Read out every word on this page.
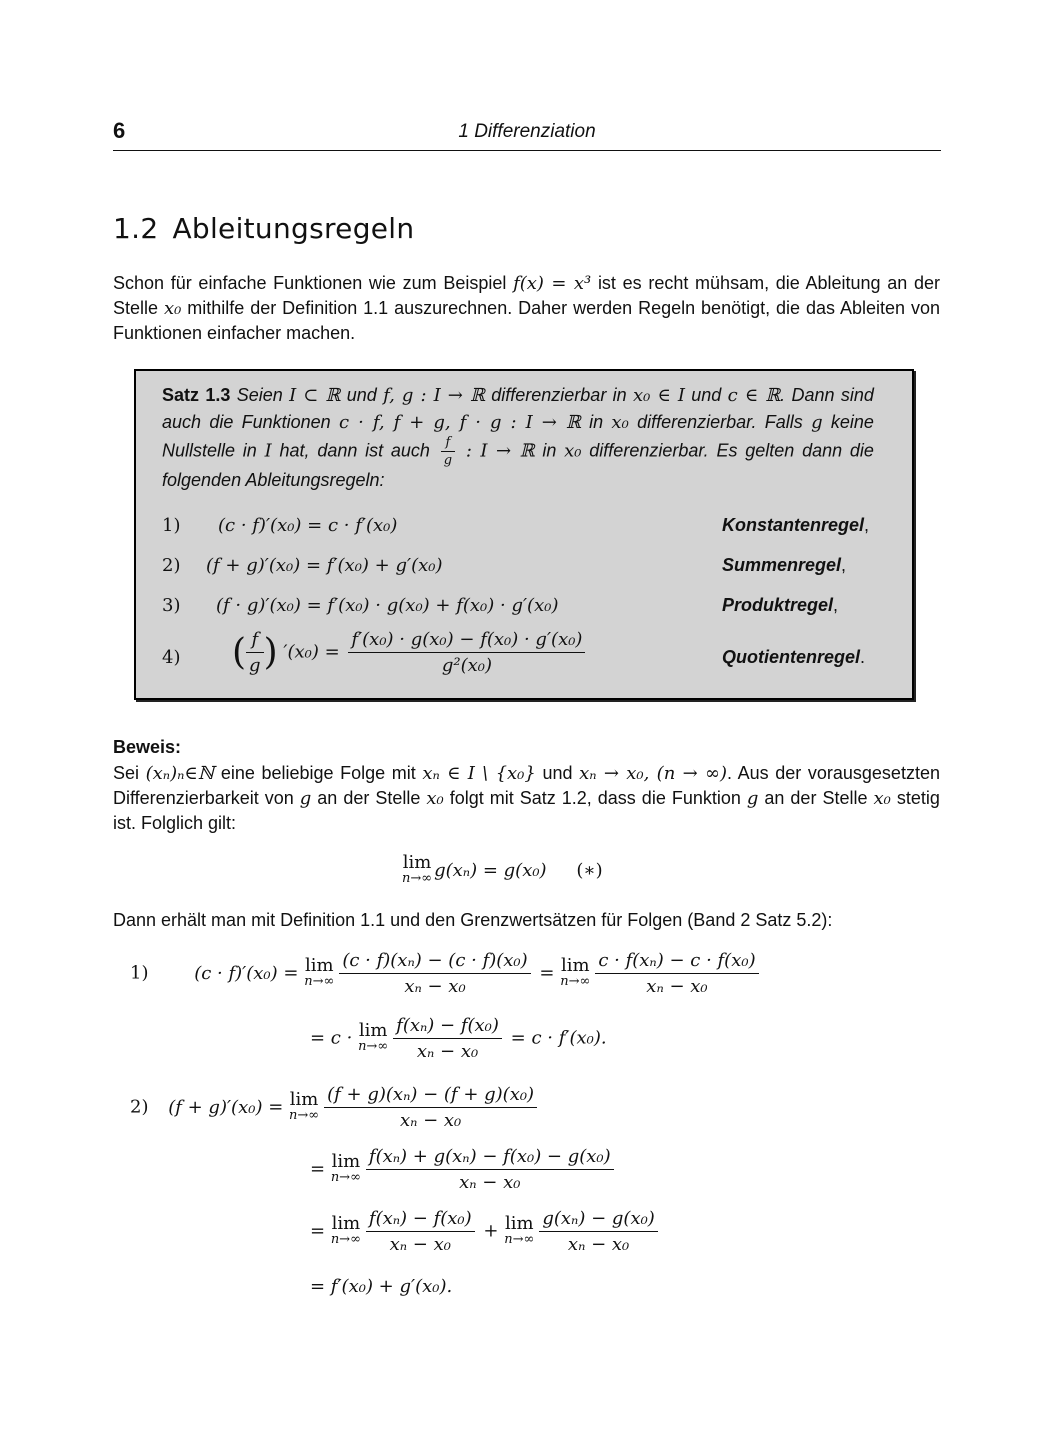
6	1 Differenziation
1.2 Ableitungsregeln
Schon für einfache Funktionen wie zum Beispiel f(x) = x³ ist es recht mühsam, die Ableitung an der Stelle x₀ mithilfe der Definition 1.1 auszurechnen. Daher werden Regeln benötigt, die das Ableiten von Funktionen einfacher machen.
Satz 1.3 Seien I ⊂ ℝ und f, g : I → ℝ differenzierbar in x₀ ∈ I und c ∈ ℝ. Dann sind auch die Funktionen c · f, f + g, f · g : I → ℝ in x₀ differenzierbar. Falls g keine Nullstelle in I hat, dann ist auch $\frac{f}{g}$ : I → ℝ in x₀ differenzierbar. Es gelten dann die folgenden Ableitungsregeln:
1) (c · f)′(x₀) = c · f′(x₀)	Konstantenregel,
2) (f + g)′(x₀) = f′(x₀) + g′(x₀)	Summenregel,
3) (f · g)′(x₀) = f′(x₀) · g(x₀) + f(x₀) · g′(x₀)	Produktregel,
4) ( $\frac{f}{g}$ ) $'(x_0) = \frac{\text{f′(x₀) · g(x₀) − f(x₀) · g′(x₀)}}{\text{g²(x₀)}}$	Quotientenregel.
Beweis:
Sei (xₙ)ₙ∈ℕ eine beliebige Folge mit xₙ ∈ I \ {x₀} und xₙ → x₀, (n → ∞). Aus der vorausgesetzten Differenzierbarkeit von g an der Stelle x₀ folgt mit Satz 1.2, dass die Funktion g an der Stelle x₀ stetig ist. Folglich gilt:
lim
n→∞ g(xₙ) = g(x₀) (∗)
Dann erhält man mit Definition 1.1 und den Grenzwertsätzen für Folgen (Band 2 Satz 5.2):
1)	(c · f)′(x₀) = lim
$n\to\infty \frac{\text{(c · f)(xₙ) − (c · f)(x₀)}}{\text{xₙ − x₀}} = \lim$
$n\to\infty \frac{\text{c · f(xₙ) − c · f(x₀)}}{\text{xₙ − x₀}}$
= c · lim
$n\to\infty \frac{\text{f(xₙ) − f(x₀)}}{\text{xₙ − x₀}} = c \cdot f'(x_0)$.
2) (f + g)′(x₀) = lim
$n\to\infty \frac{\text{(f + g)(xₙ) − (f + g)(x₀)}}{\text{xₙ − x₀}}$
= lim
$n\to\infty \frac{\text{f(xₙ) + g(xₙ) − f(x₀) − g(x₀)}}{\text{xₙ − x₀}}$
= lim
$n\to\infty \frac{\text{f(xₙ) − f(x₀)}}{\text{xₙ − x₀}} + \lim$
$n\to\infty \frac{\text{g(xₙ) − g(x₀)}}{\text{xₙ − x₀}}$
= f′(x₀) + g′(x₀).
